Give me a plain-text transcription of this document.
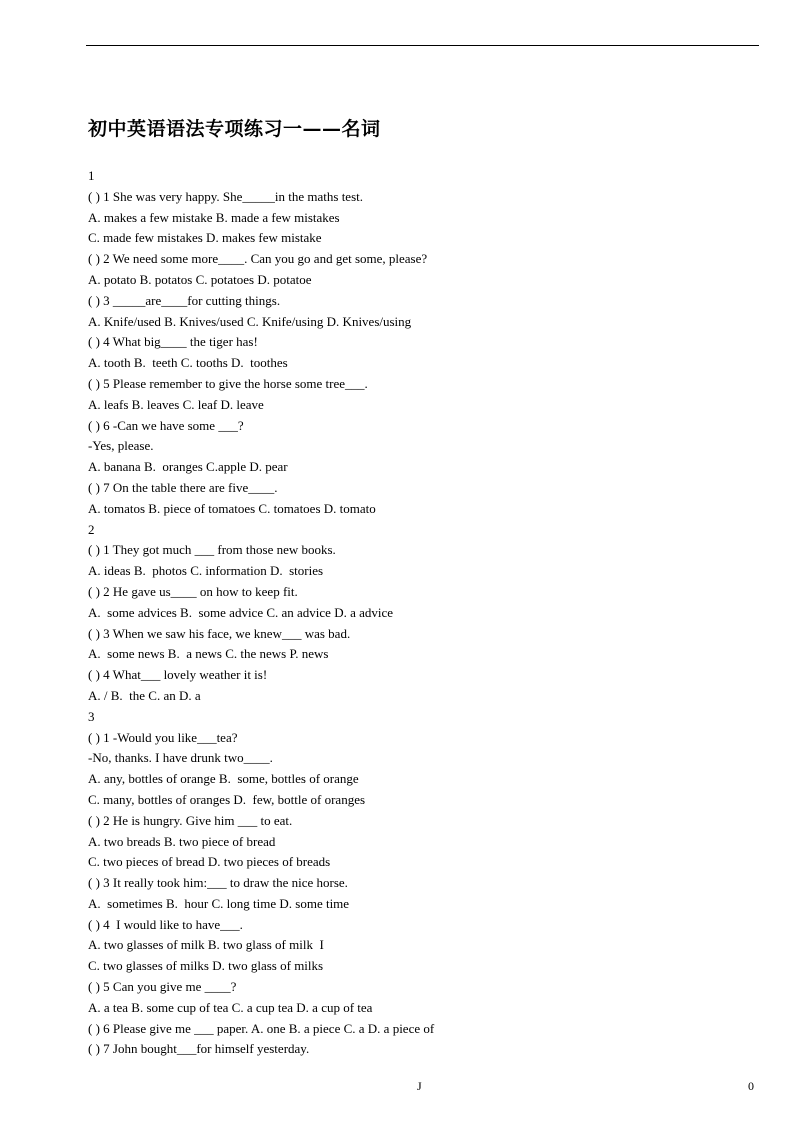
初中英语语法专项练习一——名词
1
( ) 1 She was very happy. She_____in the maths test.
A. makes a few mistake B. made a few mistakes
C. made few mistakes D. makes few mistake
( ) 2 We need some more____. Can you go and get some, please?
A. potato B. potatos C. potatoes D. potatoe
( ) 3 _____are____for cutting things.
A. Knife/used B. Knives/used C. Knife/using D. Knives/using
( ) 4 What big____ the tiger has!
A. tooth B.  teeth C. tooths D.  toothes
( ) 5 Please remember to give the horse some tree___.
A. leafs B. leaves C. leaf D. leave
( ) 6 -Can we have some ___?
-Yes, please.
A. banana B.  oranges C.apple D. pear
( ) 7 On the table there are five____.
A. tomatos B. piece of tomatoes C. tomatoes D. tomato
2
( ) 1 They got much ___ from those new books.
A. ideas B.  photos C. information D.  stories
( ) 2 He gave us____ on how to keep fit.
A.  some advices B.  some advice C. an advice D. a advice
( ) 3 When we saw his face, we knew___ was bad.
A.  some news B.  a news C. the news P. news
( ) 4 What___ lovely weather it is!
A. / B.  the C. an D. a
3
( ) 1 -Would you like___tea?
-No, thanks. I have drunk two____.
A. any, bottles of orange B.  some, bottles of orange
C. many, bottles of oranges D.  few, bottle of oranges
( ) 2 He is hungry. Give him ___ to eat.
A. two breads B. two piece of bread
C. two pieces of bread D. two pieces of breads
( ) 3 It really took him:___ to draw the nice horse.
A.  sometimes B.  hour C. long time D. some time
( ) 4  I would like to have___.
A. two glasses of milk B. two glass of milk  I
C. two glasses of milks D. two glass of milks
( ) 5 Can you give me ____?
A. a tea B. some cup of tea C. a cup tea D. a cup of tea
( ) 6 Please give me ___ paper. A. one B. a piece C. a D. a piece of
( ) 7 John bought___for himself yesterday.
J	0
